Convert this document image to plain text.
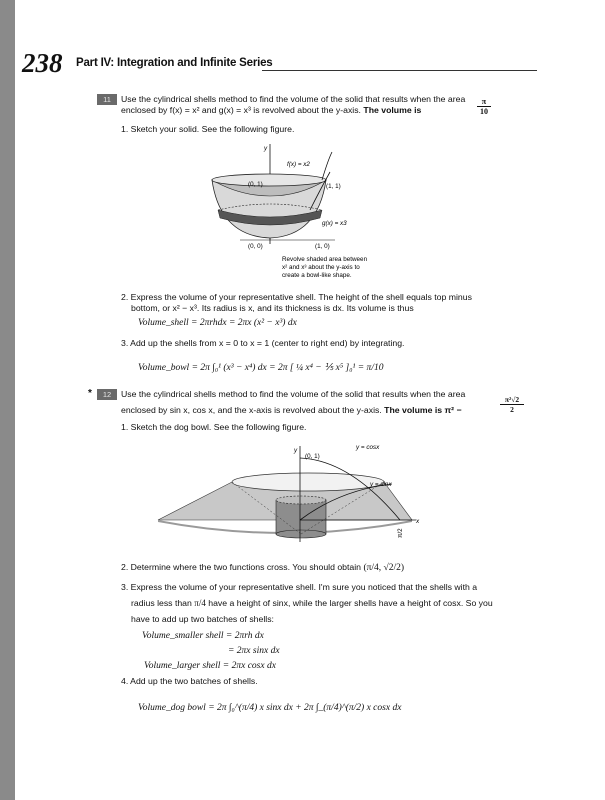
238 Part IV: Integration and Infinite Series
11	Use the cylindrical shells method to find the volume of the solid that results when the area
enclosed by f(x) = x² and g(x) = x³ is revolved about the y-axis. The volume is	$\frac{\pi}{10}$
1. Sketch your solid. See the following figure.
y
f(x) = x2
(0, 1)	(1, 1)
g(x) = x3
(0, 0)	(1, 0)
Revolve shaded area between
x² and x³ about the y-axis to
create a bowl-like shape.
2. Express the volume of your representative shell. The height of the shell equals top minus
bottom, or x² − x³. Its radius is x, and its thickness is dx. Its volume is thus
Volume_shell = 2πrhdx = 2πx (x² − x³) dx
3. Add up the shells from x = 0 to x = 1 (center to right end) by integrating.
Volume_bowl = 2π ∫₀¹ (x³ − x⁴) dx = 2π [ ¼ x⁴ − ⅕ x⁵ ]₀¹ = π/10
*	12	Use the cylindrical shells method to find the volume of the solid that results when the area
enclosed by sin x, cos x, and the x-axis is revolved about the y-axis. The volume is π² −	$\frac{\text{π²√2}}{2}$
1. Sketch the dog bowl. See the following figure.
y
x
y = cosx
(0, 1)
y = sinx
π/2
2. Determine where the two functions cross. You should obtain (π/4, √2/2)
3. Express the volume of your representative shell. I'm sure you noticed that the shells with a
radius less than π/4 have a height of sinx, while the larger shells have a height of cosx. So you
have to add up two batches of shells:
Volume_smaller shell = 2πrh dx
= 2πx sinx dx
Volume_larger shell = 2πx cosx dx
4. Add up the two batches of shells.
Volume_dog bowl = 2π ∫₀^(π/4) x sinx dx + 2π ∫_(π/4)^(π/2) x cosx dx
